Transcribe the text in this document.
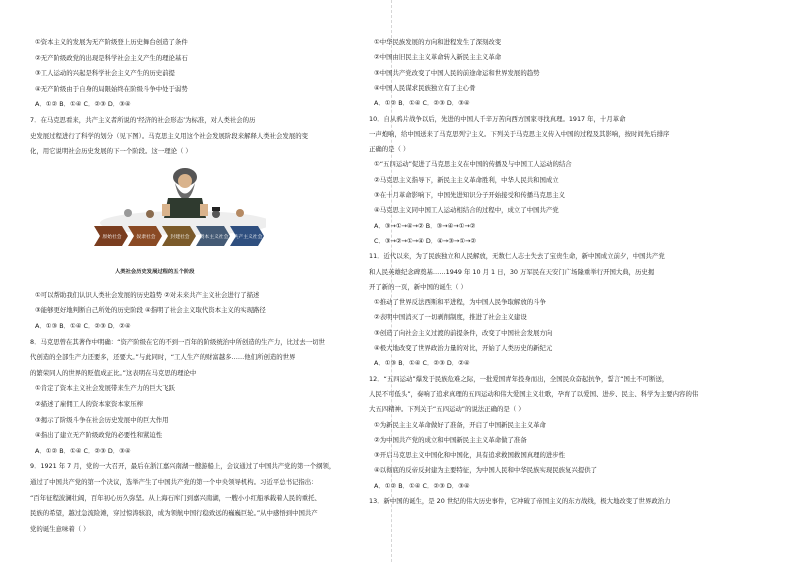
①资本主义的发展为无产阶级登上历史舞台创造了条件
②无产阶级政党的出现是科学社会主义产生的理论基石
③工人运动的兴起是科学社会主义产生的历史前提
④无产阶级由于自身的局限始终在阶级斗争中处于弱势
A．①② B．①④ C．②③ D．③④
7．在马克思看来，共产主义者所说的‘经济的社会形态’为标准，对人类社会的历
史发展过程进行了科学的划分（见下图）。马克思主义用这个社会发展阶段来解释人类社会发展的变
化，用它说明社会历史发展的下一个阶段。这一理论（ ）
①可以帮助我们认识人类社会发展的历史趋势 ②对未来共产主义社会进行了描述
③能够更好地判断自己所处的历史阶段 ④指明了社会主义取代资本主义的实现路径
A．①③ B．①④ C．②③ D．②④
8．马克思曾在其著作中明确：“资产阶级在它的不到一百年的阶级统治中所创造的生产力，比过去一切世
代创造的全部生产力还要多，还要大。”与此同时，“工人生产的财富越多……他们所创造的世界
的繁荣同人的世界的贬值成正比。”这表明在马克思的理论中
①肯定了资本主义社会发展带来生产力的巨大飞跃
②描述了雇佣工人的资本家资本家压榨
③揭示了阶级斗争在社会历史发展中的巨大作用
④指出了建立无产阶级政党的必要性和紧迫性
A．①② B．①④ C．②③ D．③④
9．1921 年 7 月，党的一大召开，最后在浙江嘉兴南湖一艘游船上，会议通过了中国共产党的第一个纲领，
通过了中国共产党的第一个决议，选举产生了中国共产党的第一个中央领导机构。习近平总书记指出：
“百年征程波澜壮阔，百年初心历久弥坚。从上海石库门到嘉兴南湖，一艘小小红船承载着人民的重托、
民族的希望，越过急流险滩，穿过惊涛骇浪，成为领航中国行稳致远的巍巍巨轮。”从中感悟到中国共产
党的诞生意味着（ ）
①中华民族发展的方向和进程发生了深刻改变
②中国由旧民主主义革命转入新民主主义革命
③中国共产党改变了中国人民的前途命运和世界发展的趋势
④中国人民谋求民族独立有了主心骨
A．①② B．①④ C．②③ D．③④
10．自从鸦片战争以后，先进的中国人千辛万苦向西方国家寻找真理。1917 年，十月革命
一声炮响，给中国送来了马克思列宁主义。下列关于马克思主义传入中国的过程及其影响，按时间先后排序
正确的是（ ）
①“五四运动”促进了马克思主义在中国的传播及与中国工人运动的结合
②马克思主义指导下，新民主主义革命胜利，中华人民共和国成立
③在十月革命影响下，中国先进知识分子开始接受和传播马克思主义
④马克思主义同中国工人运动相结合的过程中，成立了中国共产党
A．③→①→④→② B．③→④→①→②
C．③→②→①→④ D．④→③→①→②
11．近代以来，为了民族独立和人民解放，无数仁人志士失去了宝贵生命，新中国成立前夕，中国共产党
和人民英雄纪念碑奠基……1949 年 10 月 1 日，30 万军民在天安门广场隆重举行开国大典，历史揭
开了新的一页，新中国的诞生（ ）
①推动了世界反法西斯和平进程，为中国人民争取解放的斗争
②表明中国消灭了一切剥削制度，推进了社会主义建设
③创造了向社会主义过渡的前提条件，改变了中国社会发展方向
④极大地改变了世界政治力量的对比，开始了人类历史的新纪元
A．①③ B．①④ C．②③ D．②④
12．“五四运动”爆发于民族危难之际，一批爱国青年投身而出，全国民众奋起抗争，誓言“国土不可断送，
人民不可低头”，奏响了追求真理的五四运动和伟大爱国主义壮歌，孕育了以爱国、进步、民主、科学为主要内容的伟
大五四精神。下列关于“五四运动”的说法正确的是（ ）
①为新民主主义革命做好了准备，开启了中国新民主主义革命
②为中国共产党的成立和中国新民主主义革命做了准备
③开启马克思主义中国化和中国化，具有追求救国救国真理的进步性
④以彻底的反帝反封建为主要特征，为中国人民和中华民族实现民族复兴提供了
A．①② B．①④ C．②③ D．③④
13．新中国的诞生，是 20 世纪的伟大历史事件，它冲破了帝国主义的东方战线，极大地改变了世界政治力
原始社会	奴隶社会	封建社会 资本主义社会 共产主义社会
人类社会历史发展过程的五个阶段
